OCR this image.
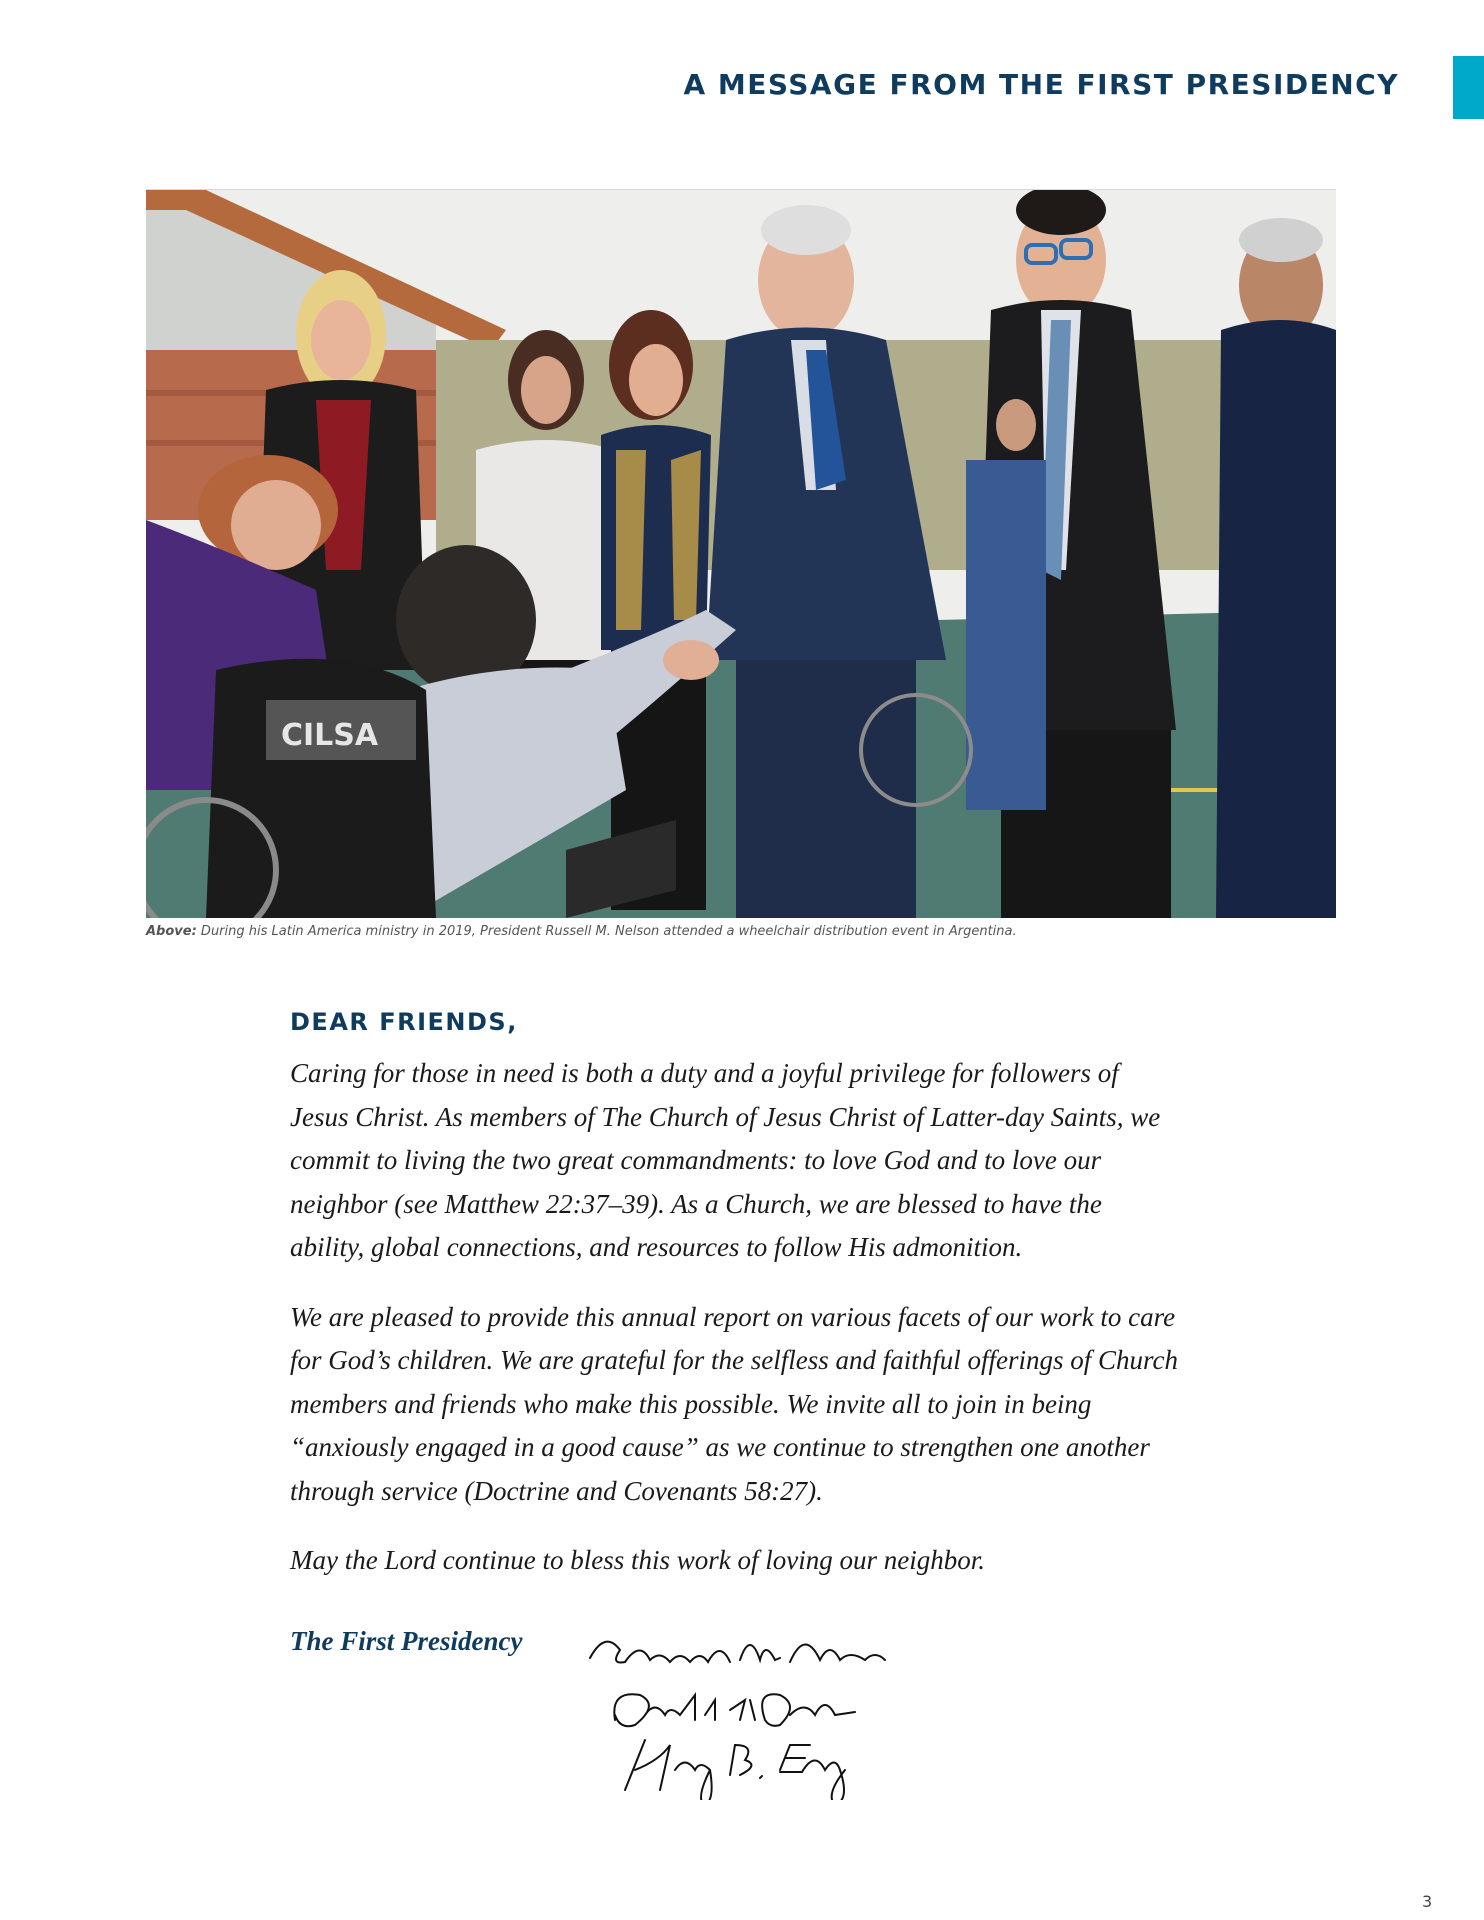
A MESSAGE FROM THE FIRST PRESIDENCY
CILSA
Above: During his Latin America ministry in 2019, President Russell M. Nelson attended a wheelchair distribution event in Argentina.
DEAR FRIENDS,

Caring for those in need is both a duty and a joyful privilege for followers of Jesus Christ. As members of The Church of Jesus Christ of Latter-day Saints, we commit to living the two great commandments: to love God and to love our neighbor (see Matthew 22:37–39). As a Church, we are blessed to have the ability, global connections, and resources to follow His admonition.

We are pleased to provide this annual report on various facets of our work to care for God’s children. We are grateful for the selfless and faithful offerings of Church members and friends who make this possible. We invite all to join in being “anxiously engaged in a good cause” as we continue to strengthen one another through service (Doctrine and Covenants 58:27).

May the Lord continue to bless this work of loving our neighbor.

The First Presidency
3
